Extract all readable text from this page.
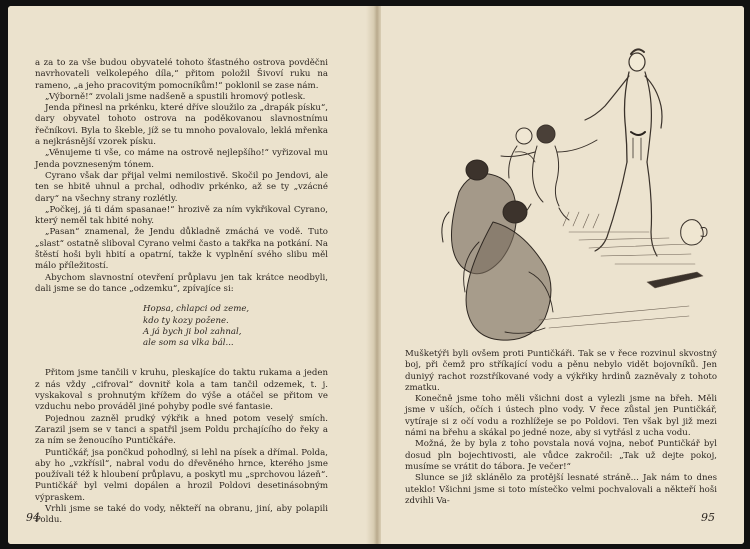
a za to za vše budou obyvatelé tohoto šťastného ostrova povděčni navrhovateli velkolepého díla,“ přitom položil Šivoví ruku na rameno, „a jeho pracovitým pomocníkům!“ poklonil se zase nám.

„Výborně!“ zvolali jsme nadšeně a spustili hromový potlesk.

Jenda přinesl na prkénku, které dříve sloužilo za „drapák písku“, dary obyvatel tohoto ostrova na poděkovanou slavnostnímu řečníkovi. Byla to škeble, jíž se tu mnoho povalovalo, leklá mřenka a nejkrásnější vzorek písku.

„Věnujeme ti vše, co máme na ostrově nejlepšího!“ vyřizoval mu Jenda povzneseným tónem.

Cyrano však dar přijal velmi nemilostivě. Skočil po Jendovi, ale ten se hbitě uhnul a prchal, odhodiv prkénko, až se ty „vzácné dary“ na všechny strany rozlétly.

„Počkej, já ti dám spasanae!“ hrozivě za ním vykřikoval Cyrano, který neměl tak hbité nohy.

„Pasan“ znamenal, že Jendu důkladně zmáchá ve vodě. Tuto „slast“ ostatně sliboval Cyrano velmi často a takřka na potkání. Na štěstí hoši byli hbití a opatrní, takže k vyplnění svého slibu měl málo příležitostí.

Abychom slavnostní otevření průplavu jen tak krátce neodbyli, dali jsme se do tance „odzemku“, zpívajíce si:

Hopsa, chlapci od zeme,
kdo ty kozy požene.
A já bych ji bol zahnal,
ale som sa vlka bál...

Přitom jsme tančili v kruhu, pleskajíce do taktu rukama a jeden z nás vždy „cifroval“ dovnitř kola a tam tančil odzemek, t. j. vyskakoval s prohnutým křížem do výše a otáčel se přitom ve vzduchu nebo prováděl jiné pohyby podle své fantasie.

Pojednou zazněl prudký výkřik a hned potom veselý smích. Zarazil jsem se v tanci a spatřil jsem Poldu prchajícího do řeky a za ním se ženoucího Puntičkáře.

Puntičkář, jsa pončkud pohodlný, si lehl na písek a dřímal. Polda, aby ho „vzkřísil“, nabral vodu do dřevěného hrnce, kterého jsme používali též k hloubení průplavu, a poskytl mu „sprchovou lázeň“. Puntičkář byl velmi dopálen a hrozil Poldovi desetinásobným výpraskem.

Vrhli jsme se také do vody, někteří na obranu, jiní, aby polapili Poldu.

94

Mušketýři byli ovšem proti Puntičkáři. Tak se v řece rozvinul skvostný boj, při čemž pro stříkající vodu a pěnu nebylo vidět bojovníků. Jen duniyý rachot rozstříkované vody a výkřiky hrdinů zazněvaly z tohoto zmatku.

Konečně jsme toho měli všichni dost a vylezli jsme na břeh. Měli jsme v uších, očích i ústech plno vody. V řece zůstal jen Puntičkář, vytíraje si z očí vodu a rozhlížeje se po Poldovi. Ten však byl již mezi námi na břehu a skákal po jedné noze, aby si vytřásl z ucha vodu.

Možná, že by byla z toho povstala nová vojna, neboť Puntičkář byl dosud pln bojechtivosti, ale vůdce zakročil: „Tak už dejte pokoj, musíme se vrátit do tábora. Je večer!“

Slunce se již sklánělo za protější lesnaté stráně... Jak nám to dnes uteklo! Všichni jsme si toto místečko velmi pochvalovali a někteří hoši zdvihli Va-

95
